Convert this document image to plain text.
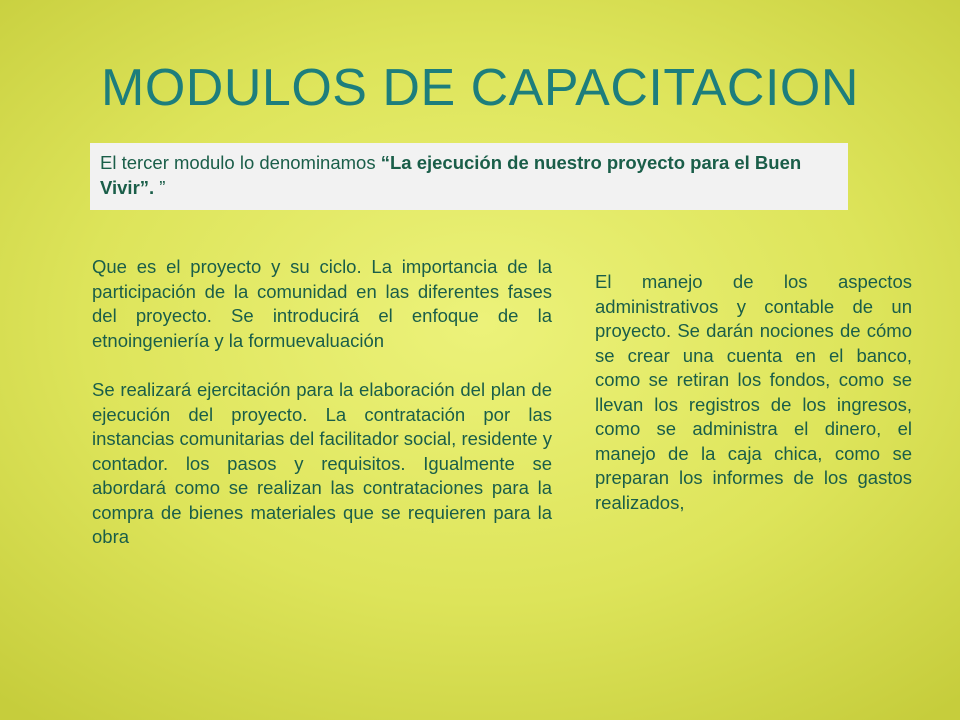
MODULOS DE CAPACITACION
El tercer modulo lo denominamos “La ejecución de nuestro proyecto para el Buen Vivir”. ”

Que es el proyecto y su ciclo. La importancia de la participación de la comunidad en las diferentes fases del proyecto. Se introducirá el enfoque de la etnoingeniería y la formuevaluación

Se realizará ejercitación para la elaboración del plan de ejecución del proyecto. La contratación por las instancias comunitarias del facilitador social, residente y contador. los pasos y requisitos. Igualmente se abordará como se realizan las contrataciones para la compra de bienes materiales que se requieren para la obra

El manejo de los aspectos administrativos y contable de un proyecto. Se darán nociones de cómo se crear una cuenta en el banco, como se retiran los fondos, como se llevan los registros de los ingresos, como se administra el dinero, el manejo de la caja chica, como se preparan los informes de los gastos realizados,
